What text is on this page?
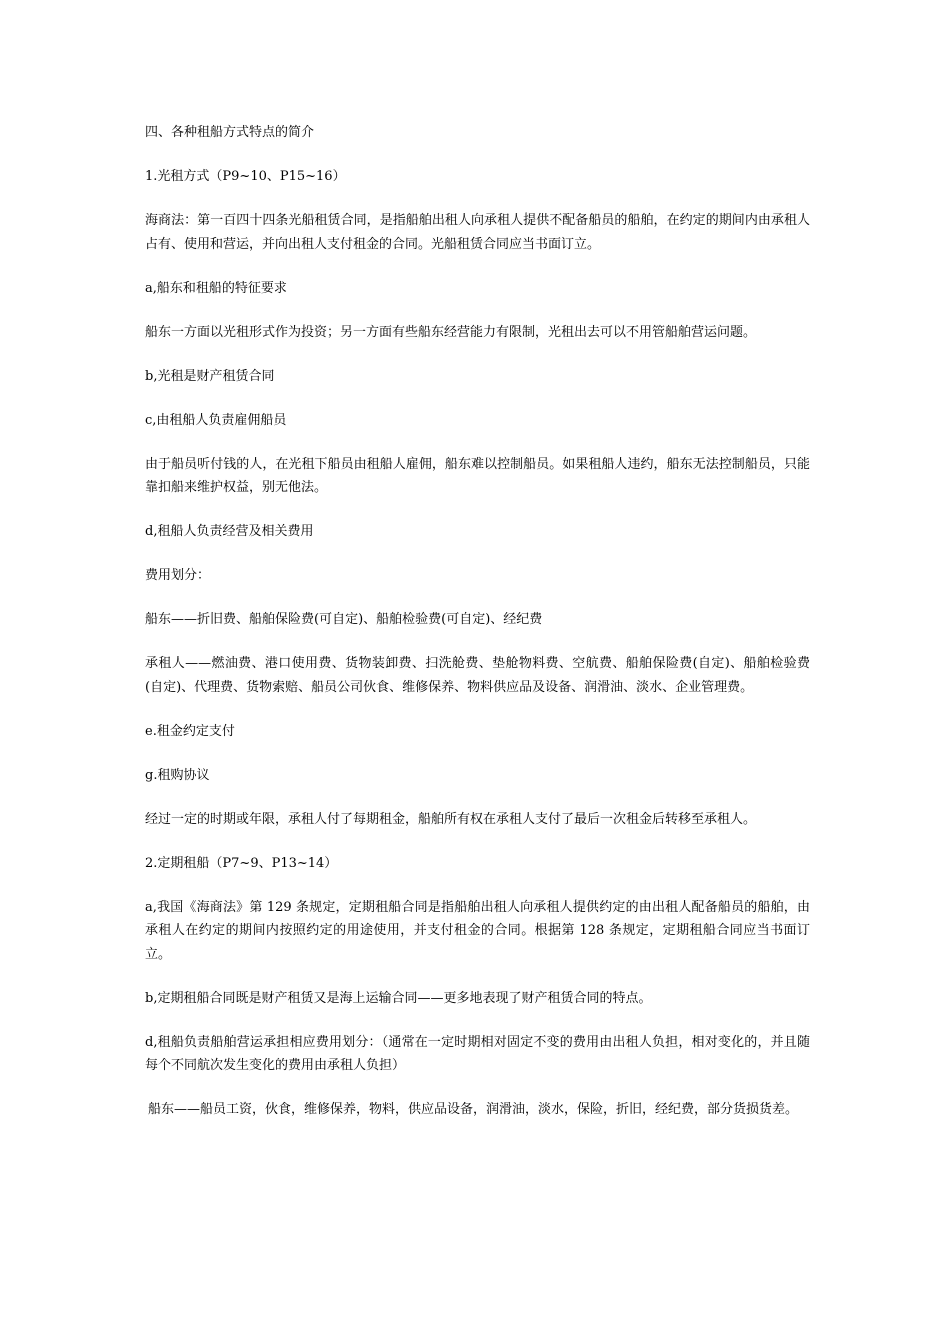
四、各种租船方式特点的简介

1.光租方式（P9~10、P15~16）

海商法：第一百四十四条光船租赁合同，是指船舶出租人向承租人提供不配备船员的船舶，在约定的期间内由承租人占有、使用和营运，并向出租人支付租金的合同。光船租赁合同应当书面订立。

a,船东和租船的特征要求

船东一方面以光租形式作为投资；另一方面有些船东经营能力有限制，光租出去可以不用管船舶营运问题。

b,光租是财产租赁合同

c,由租船人负责雇佣船员

由于船员听付钱的人，在光租下船员由租船人雇佣，船东难以控制船员。如果租船人违约，船东无法控制船员，只能靠扣船来维护权益，别无他法。

d,租船人负责经营及相关费用

费用划分：

船东——折旧费、船舶保险费(可自定)、船舶检验费(可自定)、经纪费

承租人——燃油费、港口使用费、货物装卸费、扫洗舱费、垫舱物料费、空航费、船舶保险费(自定)、船舶检验费(自定)、代理费、货物索赔、船员公司伙食、维修保养、物料供应品及设备、润滑油、淡水、企业管理费。

e.租金约定支付

g.租购协议

经过一定的时期或年限，承租人付了每期租金，船舶所有权在承租人支付了最后一次租金后转移至承租人。

2.定期租船（P7~9、P13~14）

a,我国《海商法》第 129 条规定，定期租船合同是指船舶出租人向承租人提供约定的由出租人配备船员的船舶，由承租人在约定的期间内按照约定的用途使用，并支付租金的合同。根据第 128 条规定，定期租船合同应当书面订立。

b,定期租船合同既是财产租赁又是海上运输合同——更多地表现了财产租赁合同的特点。

d,租船负责船舶营运承担相应费用划分：（通常在一定时期相对固定不变的费用由出租人负担，相对变化的，并且随每个不同航次发生变化的费用由承租人负担）

船东——船员工资，伙食，维修保养，物料，供应品设备，润滑油，淡水，保险，折旧，经纪费，部分货损货差。
